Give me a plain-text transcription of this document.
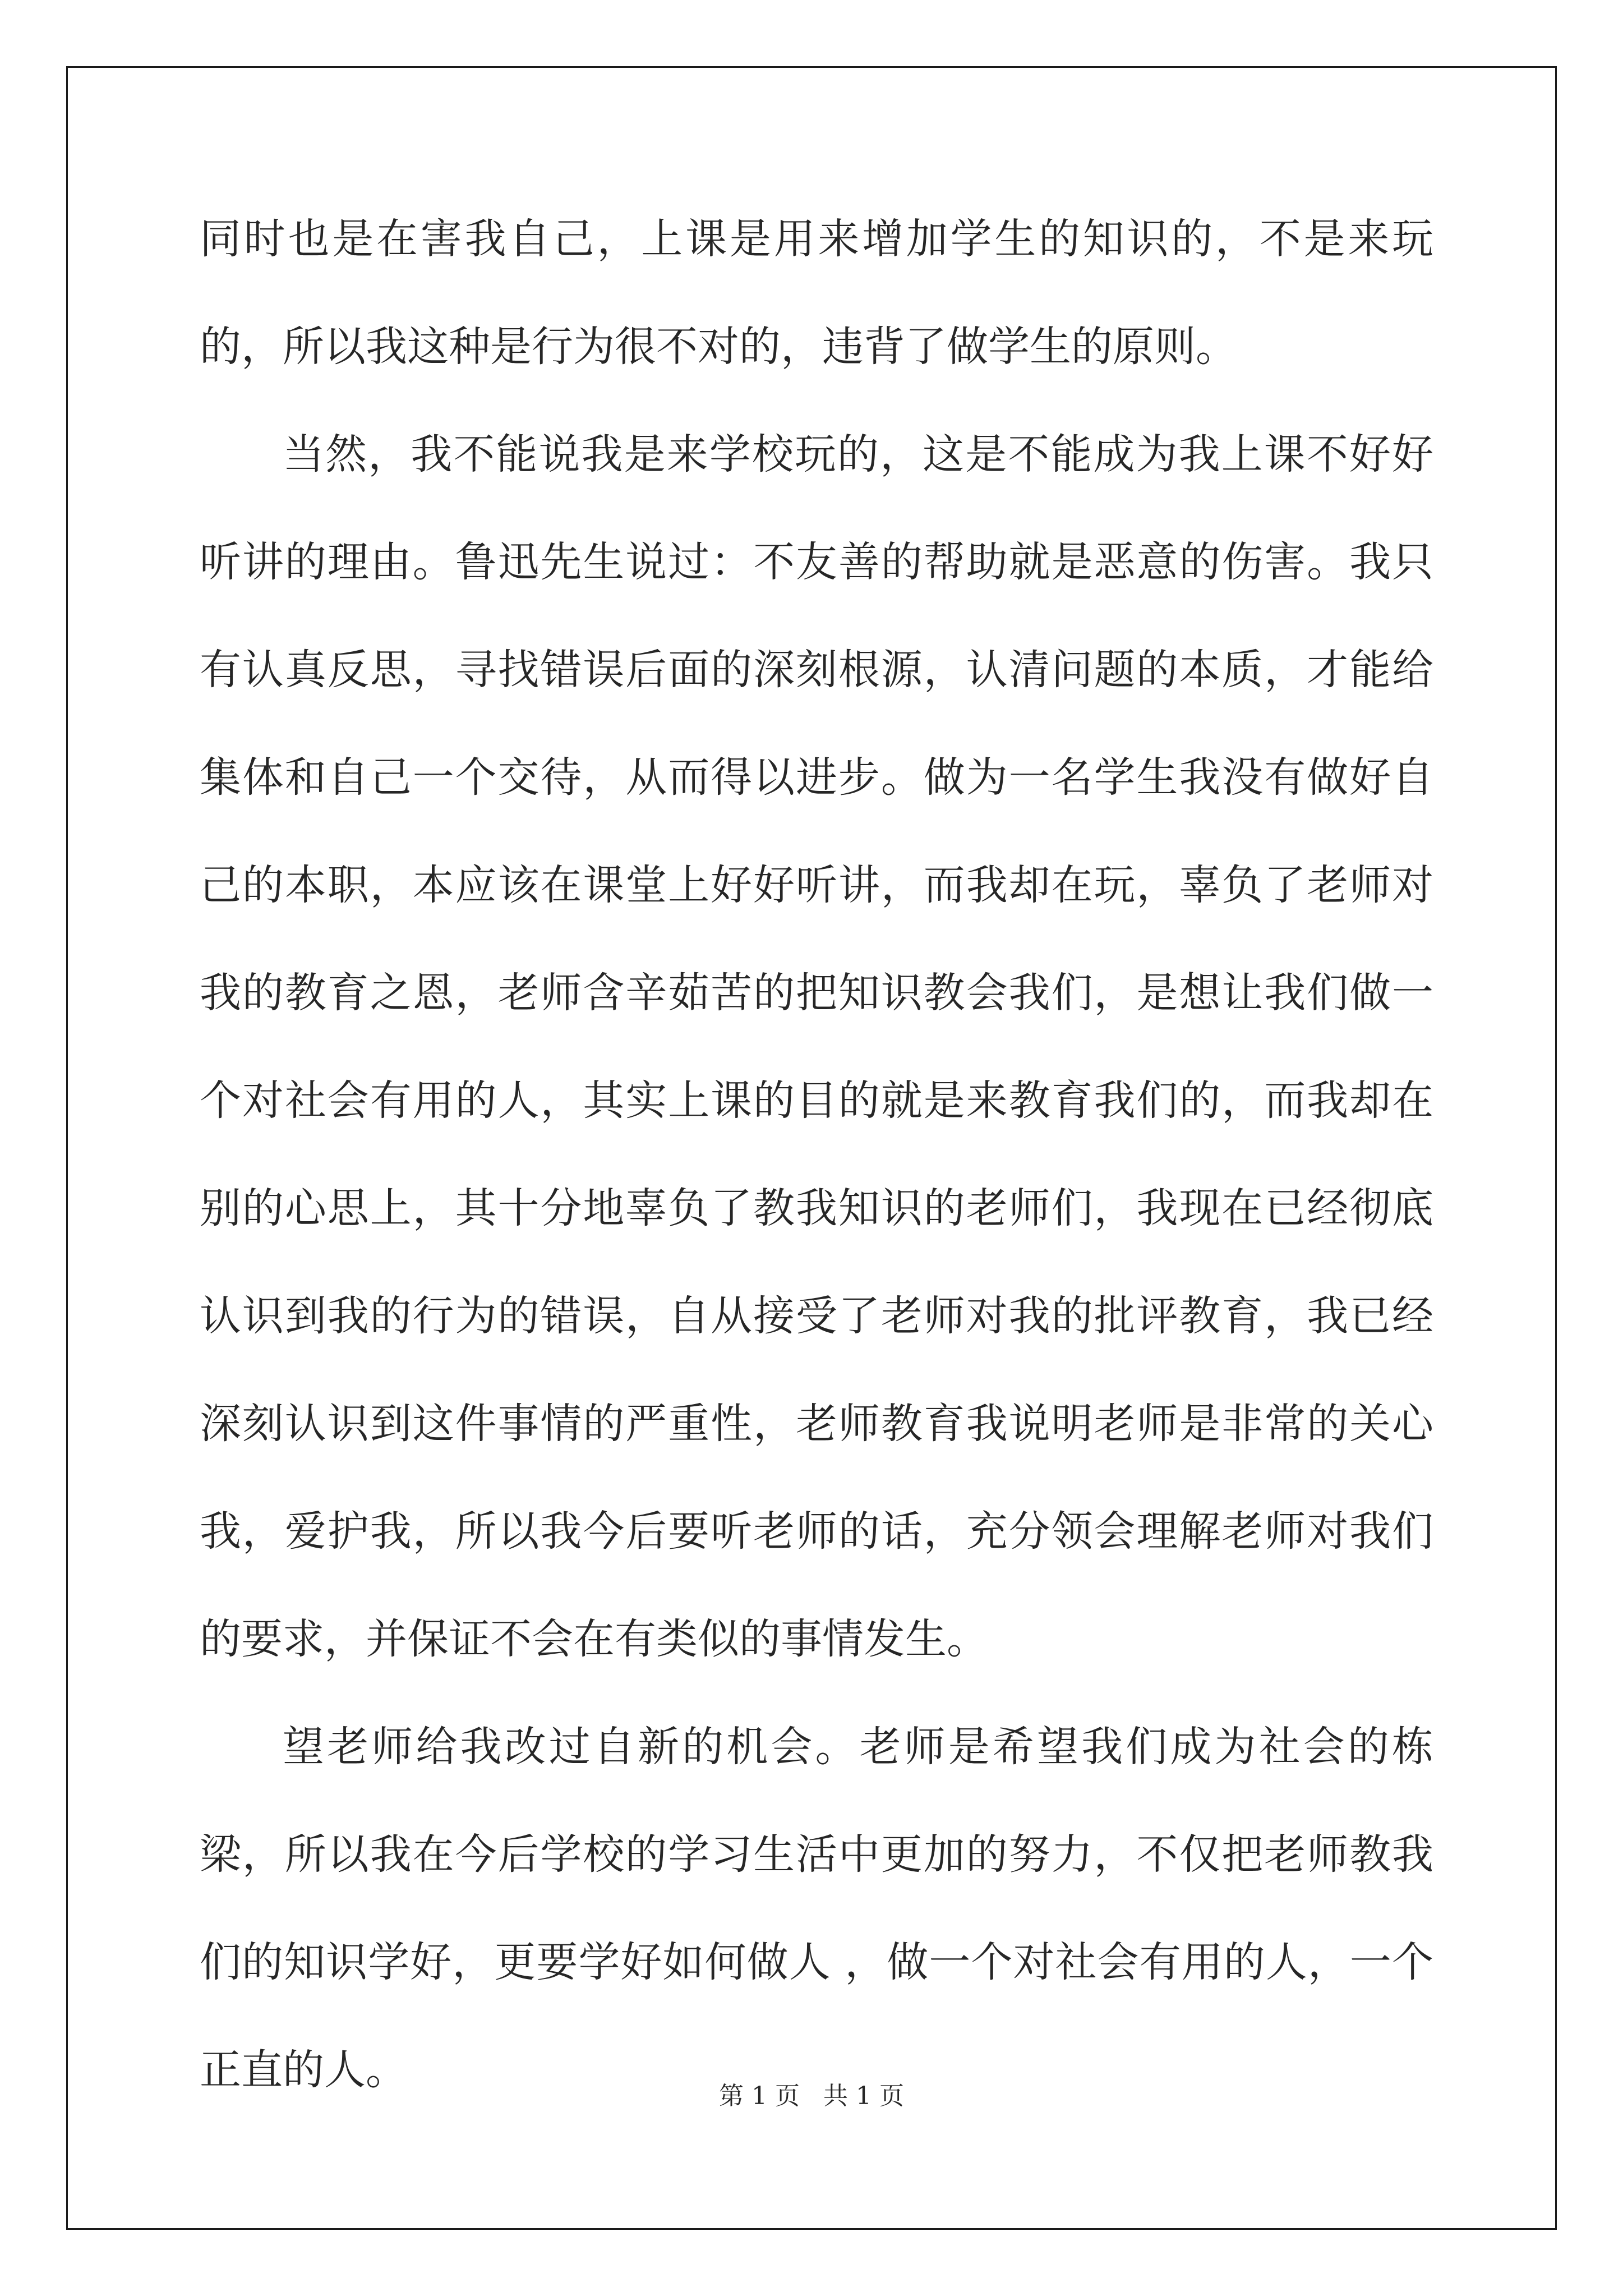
同时也是在害我自己，上课是用来增加学生的知识的，不是来玩的，所以我这种是行为很不对的，违背了做学生的原则。

当然，我不能说我是来学校玩的，这是不能成为我上课不好好听讲的理由。鲁迅先生说过：不友善的帮助就是恶意的伤害。我只有认真反思，寻找错误后面的深刻根源，认清问题的本质，才能给集体和自己一个交待，从而得以进步。做为一名学生我没有做好自己的本职，本应该在课堂上好好听讲，而我却在玩，辜负了老师对我的教育之恩，老师含辛茹苦的把知识教会我们，是想让我们做一个对社会有用的人，其实上课的目的就是来教育我们的，而我却在别的心思上，其十分地辜负了教我知识的老师们，我现在已经彻底认识到我的行为的错误，自从接受了老师对我的批评教育，我已经深刻认识到这件事情的严重性，老师教育我说明老师是非常的关心我，爱护我，所以我今后要听老师的话，充分领会理解老师对我们的要求，并保证不会在有类似的事情发生。

望老师给我改过自新的机会。老师是希望我们成为社会的栋梁，所以我在今后学校的学习生活中更加的努力，不仅把老师教我们的知识学好，更要学好如何做人 ，做一个对社会有用的人，一个正直的人。

第 1 页 共 1 页
